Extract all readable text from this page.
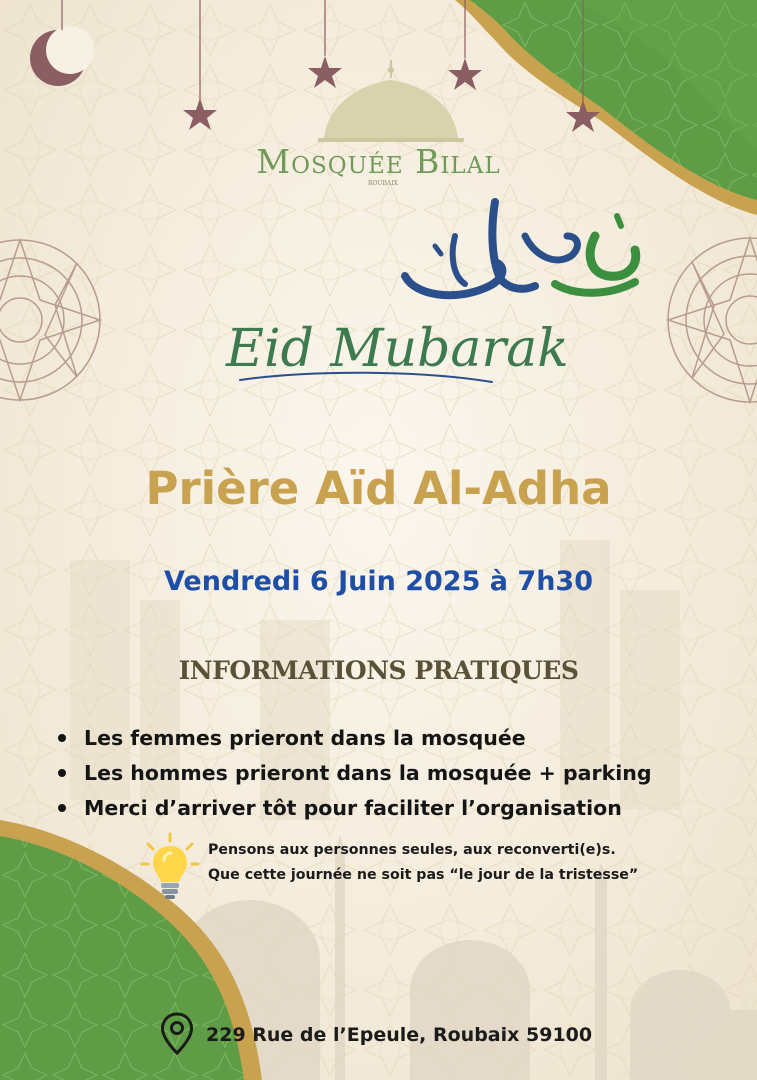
Mosquée Bilal
ROUBAIX
عيد مبارك
Eid Mubarak
Prière Aïd Al-Adha
Vendredi 6 Juin 2025 à 7h30
INFORMATIONS PRATIQUES
Les femmes prieront dans la mosquée
Les hommes prieront dans la mosquée + parking
Merci d’arriver tôt pour faciliter l’organisation
Pensons aux personnes seules, aux reconverti(e)s.
Que cette journée ne soit pas “le jour de la tristesse”
229 Rue de l’Epeule, Roubaix 59100
